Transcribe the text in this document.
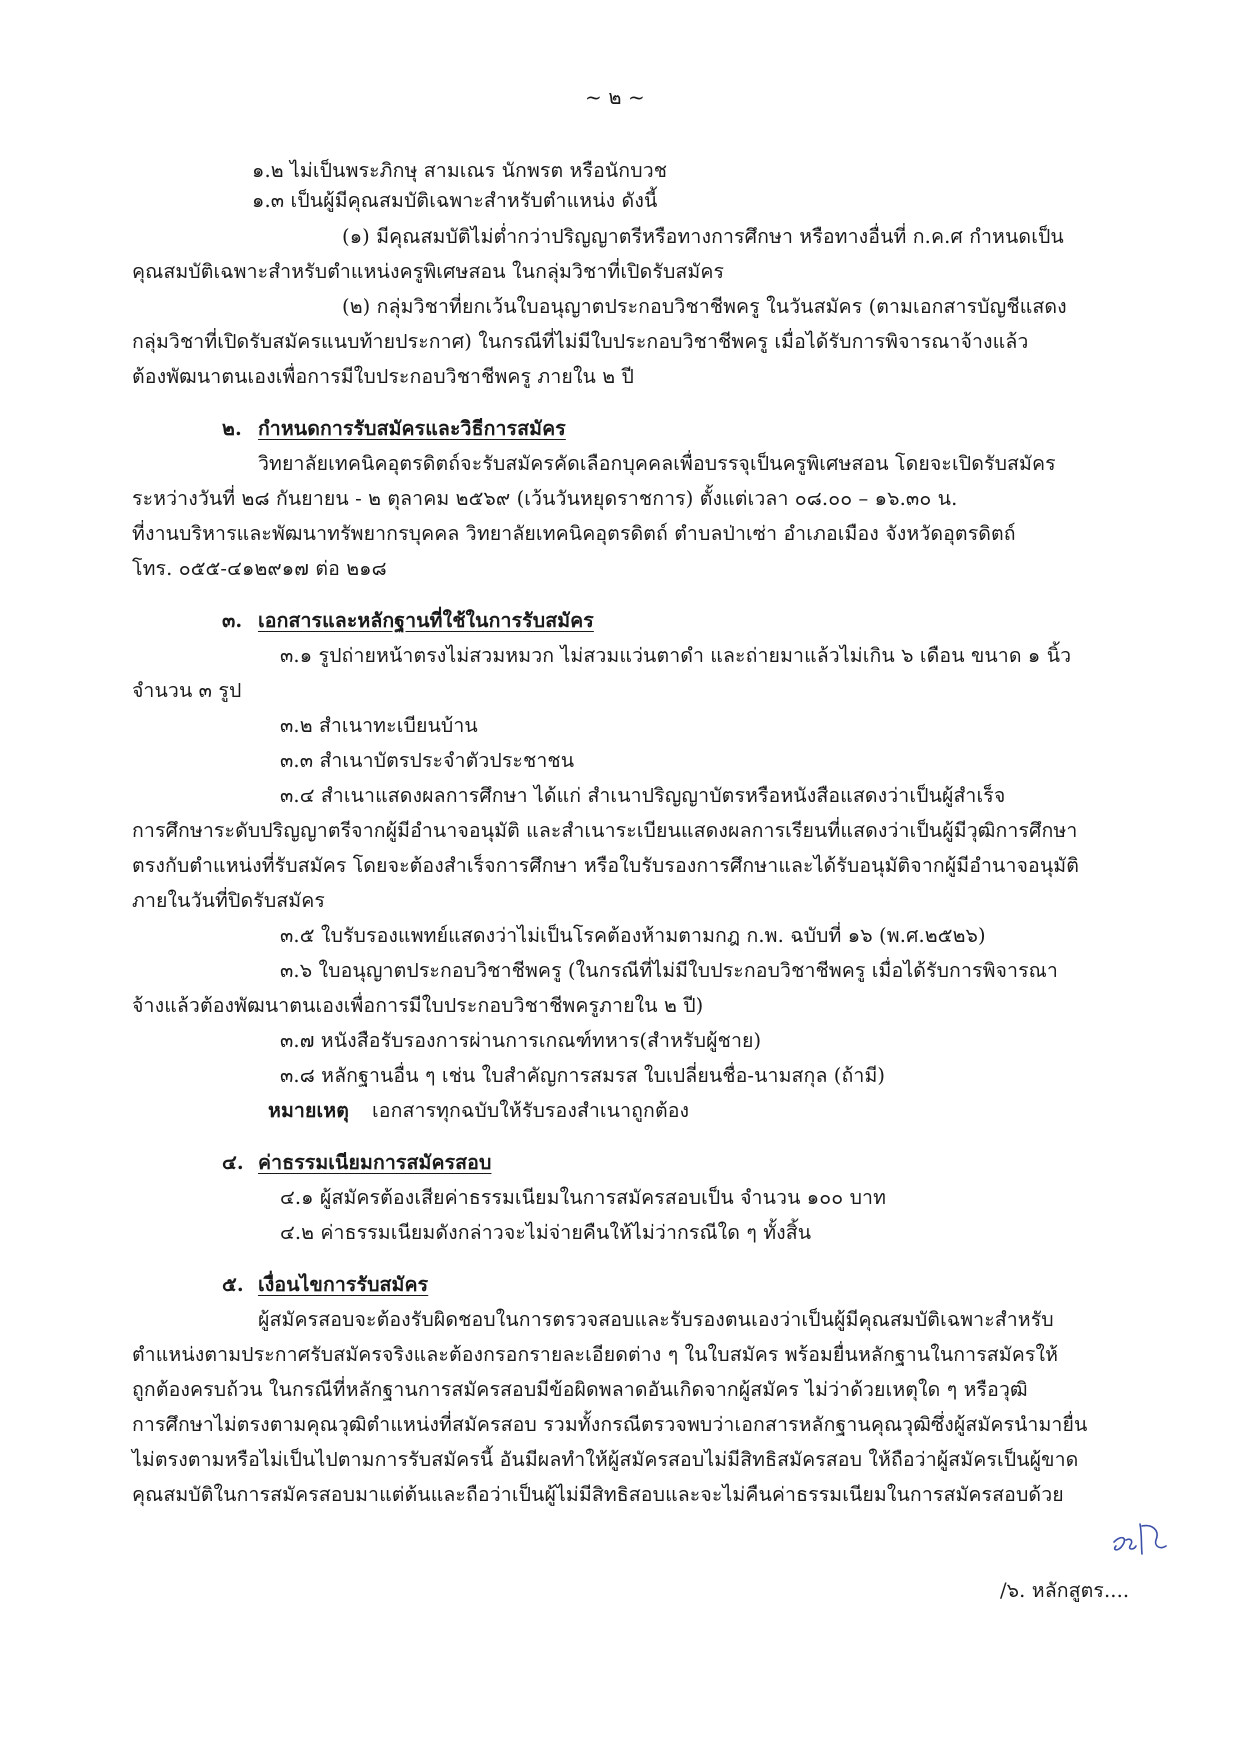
~ ๒ ~
๑.๒ ไม่เป็นพระภิกษุ สามเณร นักพรต หรือนักบวช
๑.๓ เป็นผู้มีคุณสมบัติเฉพาะสำหรับตำแหน่ง ดังนี้
(๑) มีคุณสมบัติไม่ต่ำกว่าปริญญาตรีหรือทางการศึกษา หรือทางอื่นที่ ก.ค.ศ กำหนดเป็น
คุณสมบัติเฉพาะสำหรับตำแหน่งครูพิเศษสอน ในกลุ่มวิชาที่เปิดรับสมัคร
(๒) กลุ่มวิชาที่ยกเว้นใบอนุญาตประกอบวิชาชีพครู ในวันสมัคร (ตามเอกสารบัญชีแสดง
กลุ่มวิชาที่เปิดรับสมัครแนบท้ายประกาศ) ในกรณีที่ไม่มีใบประกอบวิชาชีพครู เมื่อได้รับการพิจารณาจ้างแล้ว
ต้องพัฒนาตนเองเพื่อการมีใบประกอบวิชาชีพครู ภายใน ๒ ปี
๒. กำหนดการรับสมัครและวิธีการสมัคร
วิทยาลัยเทคนิคอุตรดิตถ์จะรับสมัครคัดเลือกบุคคลเพื่อบรรจุเป็นครูพิเศษสอน โดยจะเปิดรับสมัคร
ระหว่างวันที่ ๒๘ กันยายน - ๒ ตุลาคม ๒๕๖๙ (เว้นวันหยุดราชการ) ตั้งแต่เวลา ๐๘.๐๐ – ๑๖.๓๐ น.
ที่งานบริหารและพัฒนาทรัพยากรบุคคล วิทยาลัยเทคนิคอุตรดิตถ์ ตำบลป่าเซ่า อำเภอเมือง จังหวัดอุตรดิตถ์
โทร. ๐๕๕-๔๑๒๙๑๗ ต่อ ๒๑๘
๓. เอกสารและหลักฐานที่ใช้ในการรับสมัคร
๓.๑ รูปถ่ายหน้าตรงไม่สวมหมวก ไม่สวมแว่นตาดำ และถ่ายมาแล้วไม่เกิน ๖ เดือน ขนาด ๑ นิ้ว
จำนวน ๓ รูป
๓.๒ สำเนาทะเบียนบ้าน
๓.๓ สำเนาบัตรประจำตัวประชาชน
๓.๔ สำเนาแสดงผลการศึกษา ได้แก่ สำเนาปริญญาบัตรหรือหนังสือแสดงว่าเป็นผู้สำเร็จ
การศึกษาระดับปริญญาตรีจากผู้มีอำนาจอนุมัติ และสำเนาระเบียนแสดงผลการเรียนที่แสดงว่าเป็นผู้มีวุฒิการศึกษา
ตรงกับตำแหน่งที่รับสมัคร โดยจะต้องสำเร็จการศึกษา หรือใบรับรองการศึกษาและได้รับอนุมัติจากผู้มีอำนาจอนุมัติ
ภายในวันที่ปิดรับสมัคร
๓.๕ ใบรับรองแพทย์แสดงว่าไม่เป็นโรคต้องห้ามตามกฎ ก.พ. ฉบับที่ ๑๖ (พ.ศ.๒๕๒๖)
๓.๖ ใบอนุญาตประกอบวิชาชีพครู (ในกรณีที่ไม่มีใบประกอบวิชาชีพครู เมื่อได้รับการพิจารณา
จ้างแล้วต้องพัฒนาตนเองเพื่อการมีใบประกอบวิชาชีพครูภายใน ๒ ปี)
๓.๗ หนังสือรับรองการผ่านการเกณฑ์ทหาร(สำหรับผู้ชาย)
๓.๘ หลักฐานอื่น ๆ เช่น ใบสำคัญการสมรส ใบเปลี่ยนชื่อ-นามสกุล (ถ้ามี)
หมายเหตุ เอกสารทุกฉบับให้รับรองสำเนาถูกต้อง
๔. ค่าธรรมเนียมการสมัครสอบ
๔.๑ ผู้สมัครต้องเสียค่าธรรมเนียมในการสมัครสอบเป็น จำนวน ๑๐๐ บาท
๔.๒ ค่าธรรมเนียมดังกล่าวจะไม่จ่ายคืนให้ไม่ว่ากรณีใด ๆ ทั้งสิ้น
๕. เงื่อนไขการรับสมัคร
ผู้สมัครสอบจะต้องรับผิดชอบในการตรวจสอบและรับรองตนเองว่าเป็นผู้มีคุณสมบัติเฉพาะสำหรับ
ตำแหน่งตามประกาศรับสมัครจริงและต้องกรอกรายละเอียดต่าง ๆ ในใบสมัคร พร้อมยื่นหลักฐานในการสมัครให้
ถูกต้องครบถ้วน ในกรณีที่หลักฐานการสมัครสอบมีข้อผิดพลาดอันเกิดจากผู้สมัคร ไม่ว่าด้วยเหตุใด ๆ หรือวุฒิ
การศึกษาไม่ตรงตามคุณวุฒิตำแหน่งที่สมัครสอบ รวมทั้งกรณีตรวจพบว่าเอกสารหลักฐานคุณวุฒิซึ่งผู้สมัครนำมายื่น
ไม่ตรงตามหรือไม่เป็นไปตามการรับสมัครนี้ อันมีผลทำให้ผู้สมัครสอบไม่มีสิทธิสมัครสอบ ให้ถือว่าผู้สมัครเป็นผู้ขาด
คุณสมบัติในการสมัครสอบมาแต่ต้นและถือว่าเป็นผู้ไม่มีสิทธิสอบและจะไม่คืนค่าธรรมเนียมในการสมัครสอบด้วย
/๖. หลักสูตร....
